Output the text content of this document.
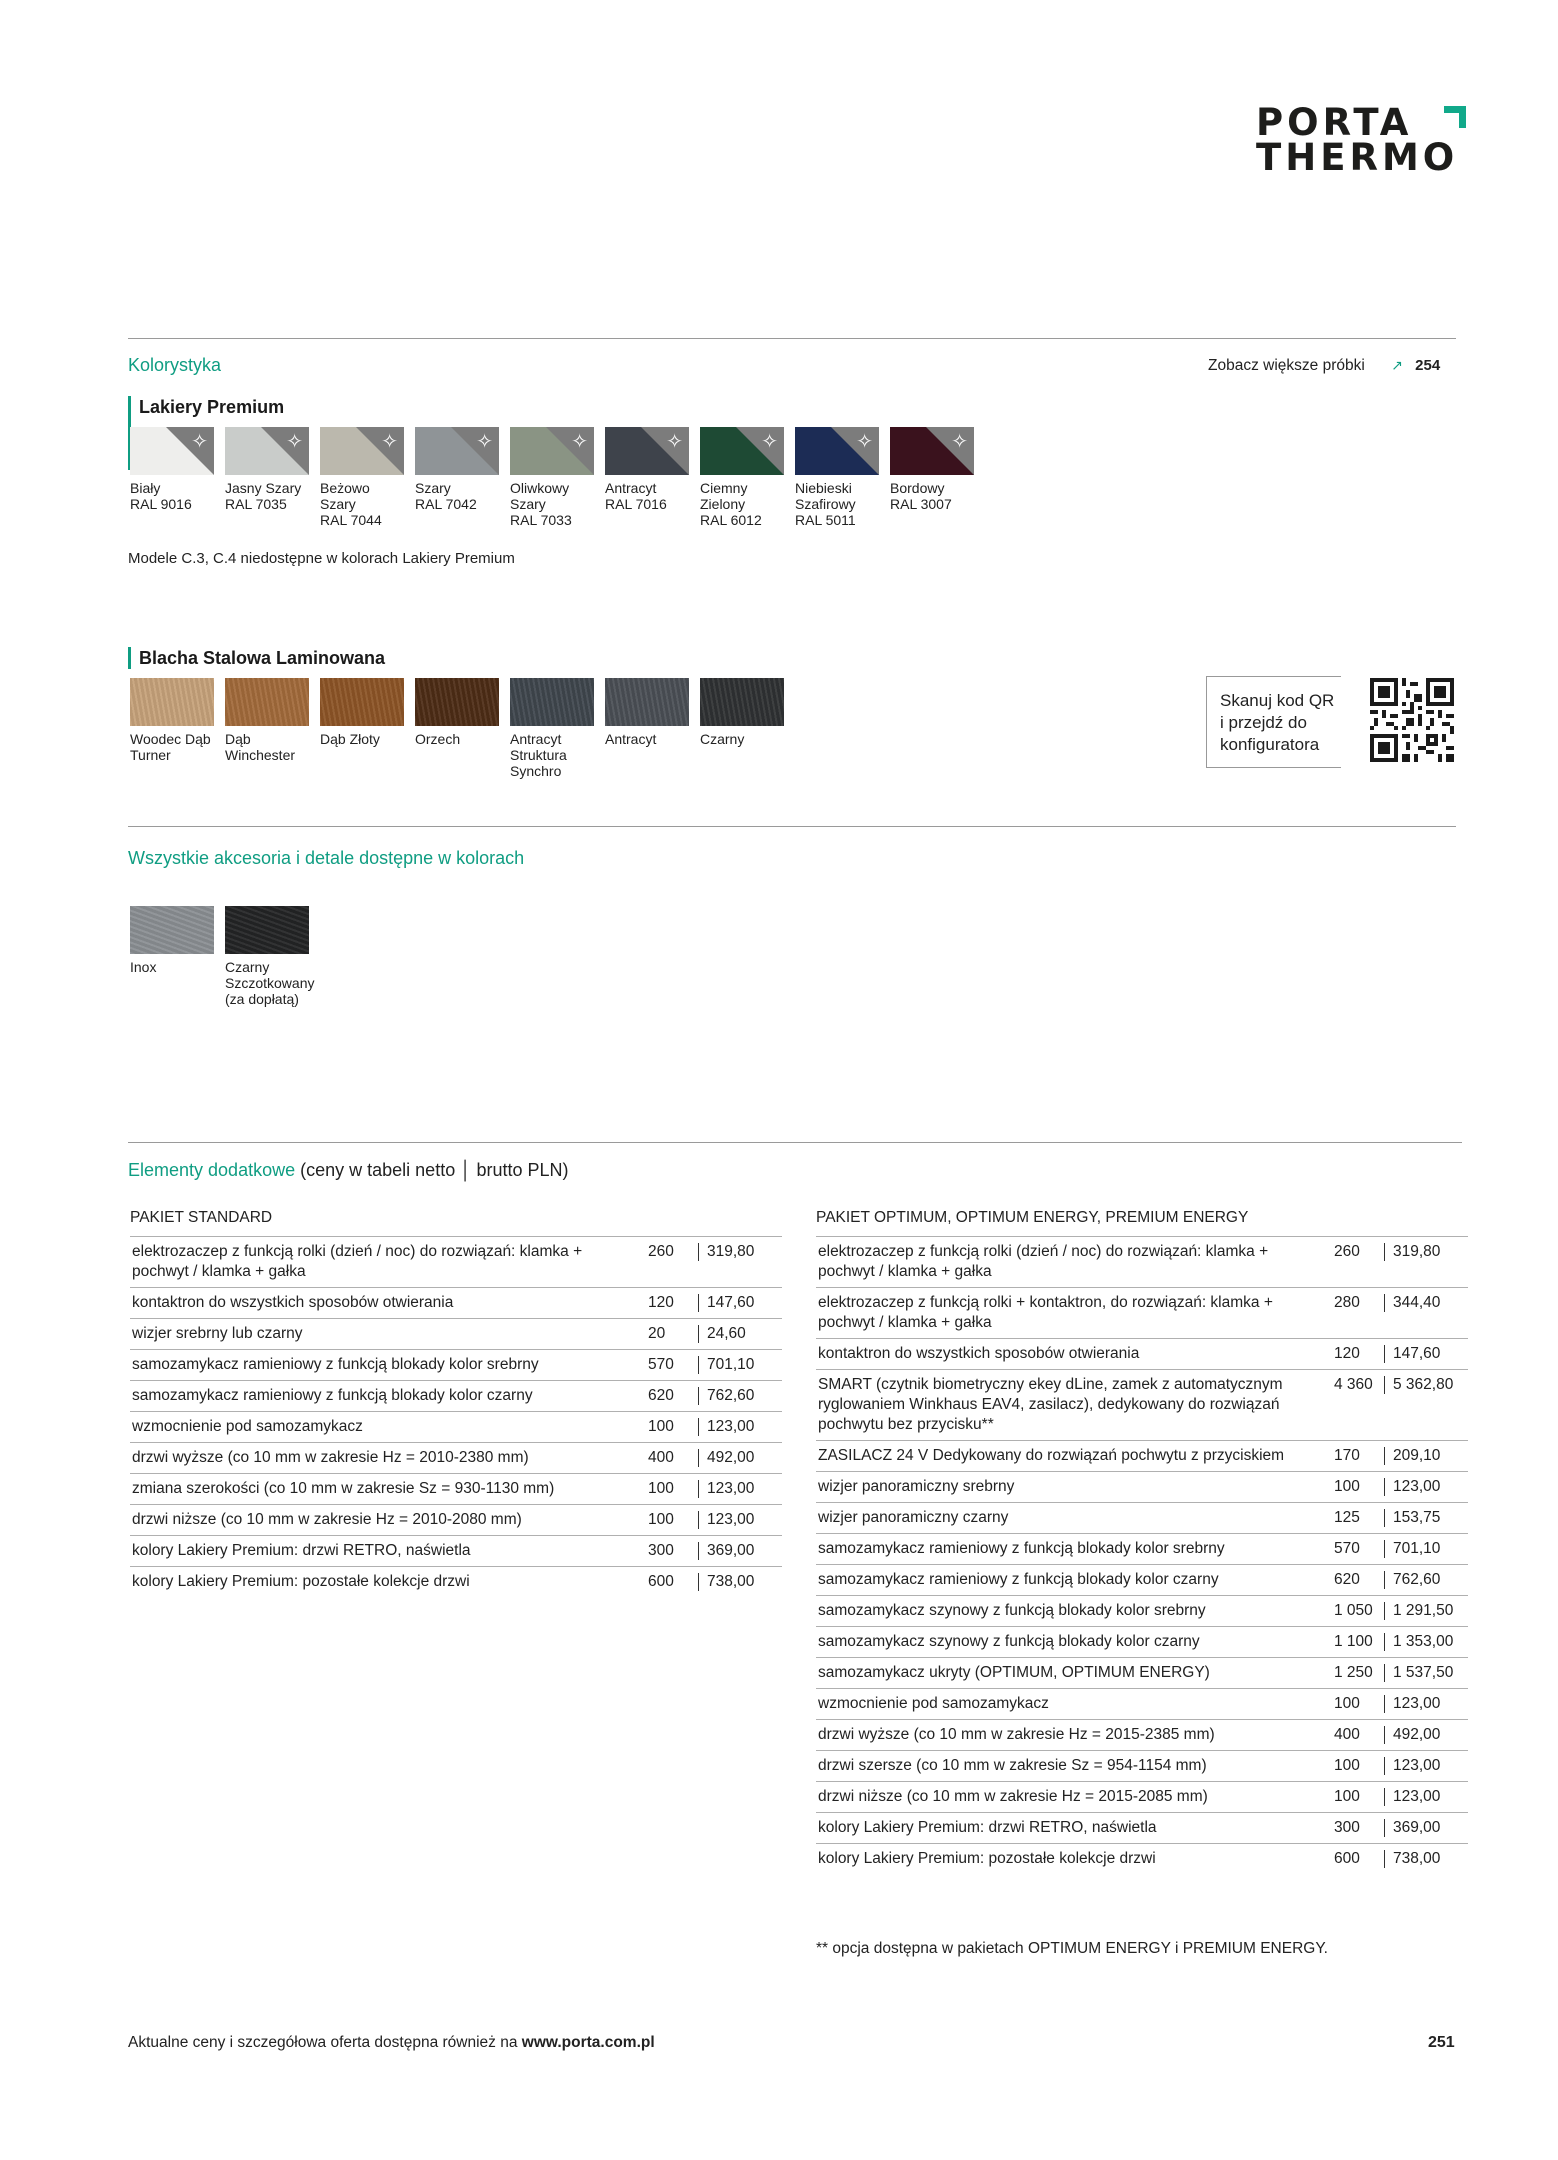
PORTA
THERMO
Kolorystyka	Zobacz większe próbki ↗ 254
Lakiery Premium
✧
Biały
RAL 9016
✧
Jasny Szary
RAL 7035
✧
Beżowo
Szary
RAL 7044
✧
Szary
RAL 7042
✧
Oliwkowy
Szary
RAL 7033
✧
Antracyt
RAL 7016
✧
Ciemny
Zielony
RAL 6012
✧
Niebieski
Szafirowy
RAL 5011
✧
Bordowy
RAL 3007
Modele C.3, C.4 niedostępne w kolorach Lakiery Premium
Blacha Stalowa Laminowana
Woodec Dąb
Turner
Dąb
Winchester
Dąb Złoty	Orzech	Antracyt
Struktura
Synchro
Antracyt	Czarny
Skanuj kod QR
i przejdź do
konfiguratora
Wszystkie akcesoria i detale dostępne w kolorach
Inox	Czarny
Szczotkowany
(za dopłatą)
Elementy dodatkowe (ceny w tabeli netto │ brutto PLN)
PAKIET STANDARD		
elektrozaczep z funkcją rolki (dzień / noc) do rozwiązań: klamka + pochwyt / klamka + gałka	260	319,80
kontaktron do wszystkich sposobów otwierania	120	147,60
wizjer srebrny lub czarny	20	24,60
samozamykacz ramieniowy z funkcją blokady kolor srebrny	570	701,10
samozamykacz ramieniowy z funkcją blokady kolor czarny	620	762,60
wzmocnienie pod samozamykacz	100	123,00
drzwi wyższe (co 10 mm w zakresie Hz = 2010-2380 mm)	400	492,00
zmiana szerokości (co 10 mm w zakresie Sz = 930-1130 mm)	100	123,00
drzwi niższe (co 10 mm w zakresie Hz = 2010-2080 mm)	100	123,00
kolory Lakiery Premium: drzwi RETRO, naświetla	300	369,00
kolory Lakiery Premium: pozostałe kolekcje drzwi	600	738,00
PAKIET OPTIMUM, OPTIMUM ENERGY, PREMIUM ENERGY		
elektrozaczep z funkcją rolki (dzień / noc) do rozwiązań: klamka + pochwyt / klamka + gałka	260	319,80
elektrozaczep z funkcją rolki + kontaktron, do rozwiązań: klamka + pochwyt / klamka + gałka	280	344,40
kontaktron do wszystkich sposobów otwierania	120	147,60
SMART (czytnik biometryczny ekey dLine, zamek z automatycznym ryglowaniem Winkhaus EAV4, zasilacz), dedykowany do rozwiązań pochwytu bez przycisku**	4 360	5 362,80
ZASILACZ 24 V Dedykowany do rozwiązań pochwytu z przyciskiem	170	209,10
wizjer panoramiczny srebrny	100	123,00
wizjer panoramiczny czarny	125	153,75
samozamykacz ramieniowy z funkcją blokady kolor srebrny	570	701,10
samozamykacz ramieniowy z funkcją blokady kolor czarny	620	762,60
samozamykacz szynowy z funkcją blokady kolor srebrny	1 050	1 291,50
samozamykacz szynowy z funkcją blokady kolor czarny	1 100	1 353,00
samozamykacz ukryty (OPTIMUM, OPTIMUM ENERGY)	1 250	1 537,50
wzmocnienie pod samozamykacz	100	123,00
drzwi wyższe (co 10 mm w zakresie Hz = 2015-2385 mm)	400	492,00
drzwi szersze (co 10 mm w zakresie Sz = 954-1154 mm)	100	123,00
drzwi niższe (co 10 mm w zakresie Hz = 2015-2085 mm)	100	123,00
kolory Lakiery Premium: drzwi RETRO, naświetla	300	369,00
kolory Lakiery Premium: pozostałe kolekcje drzwi	600	738,00
** opcja dostępna w pakietach OPTIMUM ENERGY i PREMIUM ENERGY.
Aktualne ceny i szczegółowa oferta dostępna również na www.porta.com.pl	251
